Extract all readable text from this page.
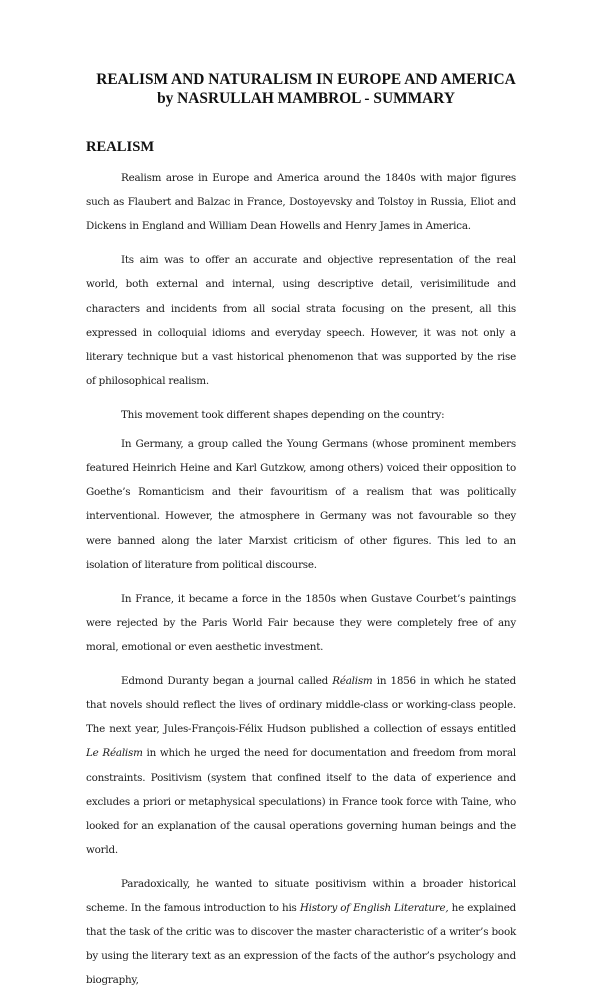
REALISM AND NATURALISM IN EUROPE AND AMERICA
by NASRULLAH MAMBROL - SUMMARY
REALISM

Realism arose in Europe and America around the 1840s with major figures such as Flaubert and Balzac in France, Dostoyevsky and Tolstoy in Russia, Eliot and Dickens in England and William Dean Howells and Henry James in America.

Its aim was to offer an accurate and objective representation of the real world, both external and internal, using descriptive detail, verisimilitude and characters and incidents from all social strata focusing on the present, all this expressed in colloquial idioms and everyday speech. However, it was not only a literary technique but a vast historical phenomenon that was supported by the rise of philosophical realism.

This movement took different shapes depending on the country:

In Germany, a group called the Young Germans (whose prominent members featured Heinrich Heine and Karl Gutzkow, among others) voiced their opposition to Goethe’s Romanticism and their favouritism of a realism that was politically interventional. However, the atmosphere in Germany was not favourable so they were banned along the later Marxist criticism of other figures. This led to an isolation of literature from political discourse.

In France, it became a force in the 1850s when Gustave Courbet’s paintings were rejected by the Paris World Fair because they were completely free of any moral, emotional or even aesthetic investment.

Edmond Duranty began a journal called Réalism in 1856 in which he stated that novels should reflect the lives of ordinary middle-class or working-class people. The next year, Jules-François-Félix Hudson published a collection of essays entitled Le Réalism in which he urged the need for documentation and freedom from moral constraints. Positivism (system that confined itself to the data of experience and excludes a priori or metaphysical speculations) in France took force with Taine, who looked for an explanation of the causal operations governing human beings and the world.

Paradoxically, he wanted to situate positivism within a broader historical scheme. In the famous introduction to his History of English Literature, he explained that the task of the critic was to discover the master characteristic of a writer’s book by using the literary text as an expression of the facts of the author’s psychology and biography,
